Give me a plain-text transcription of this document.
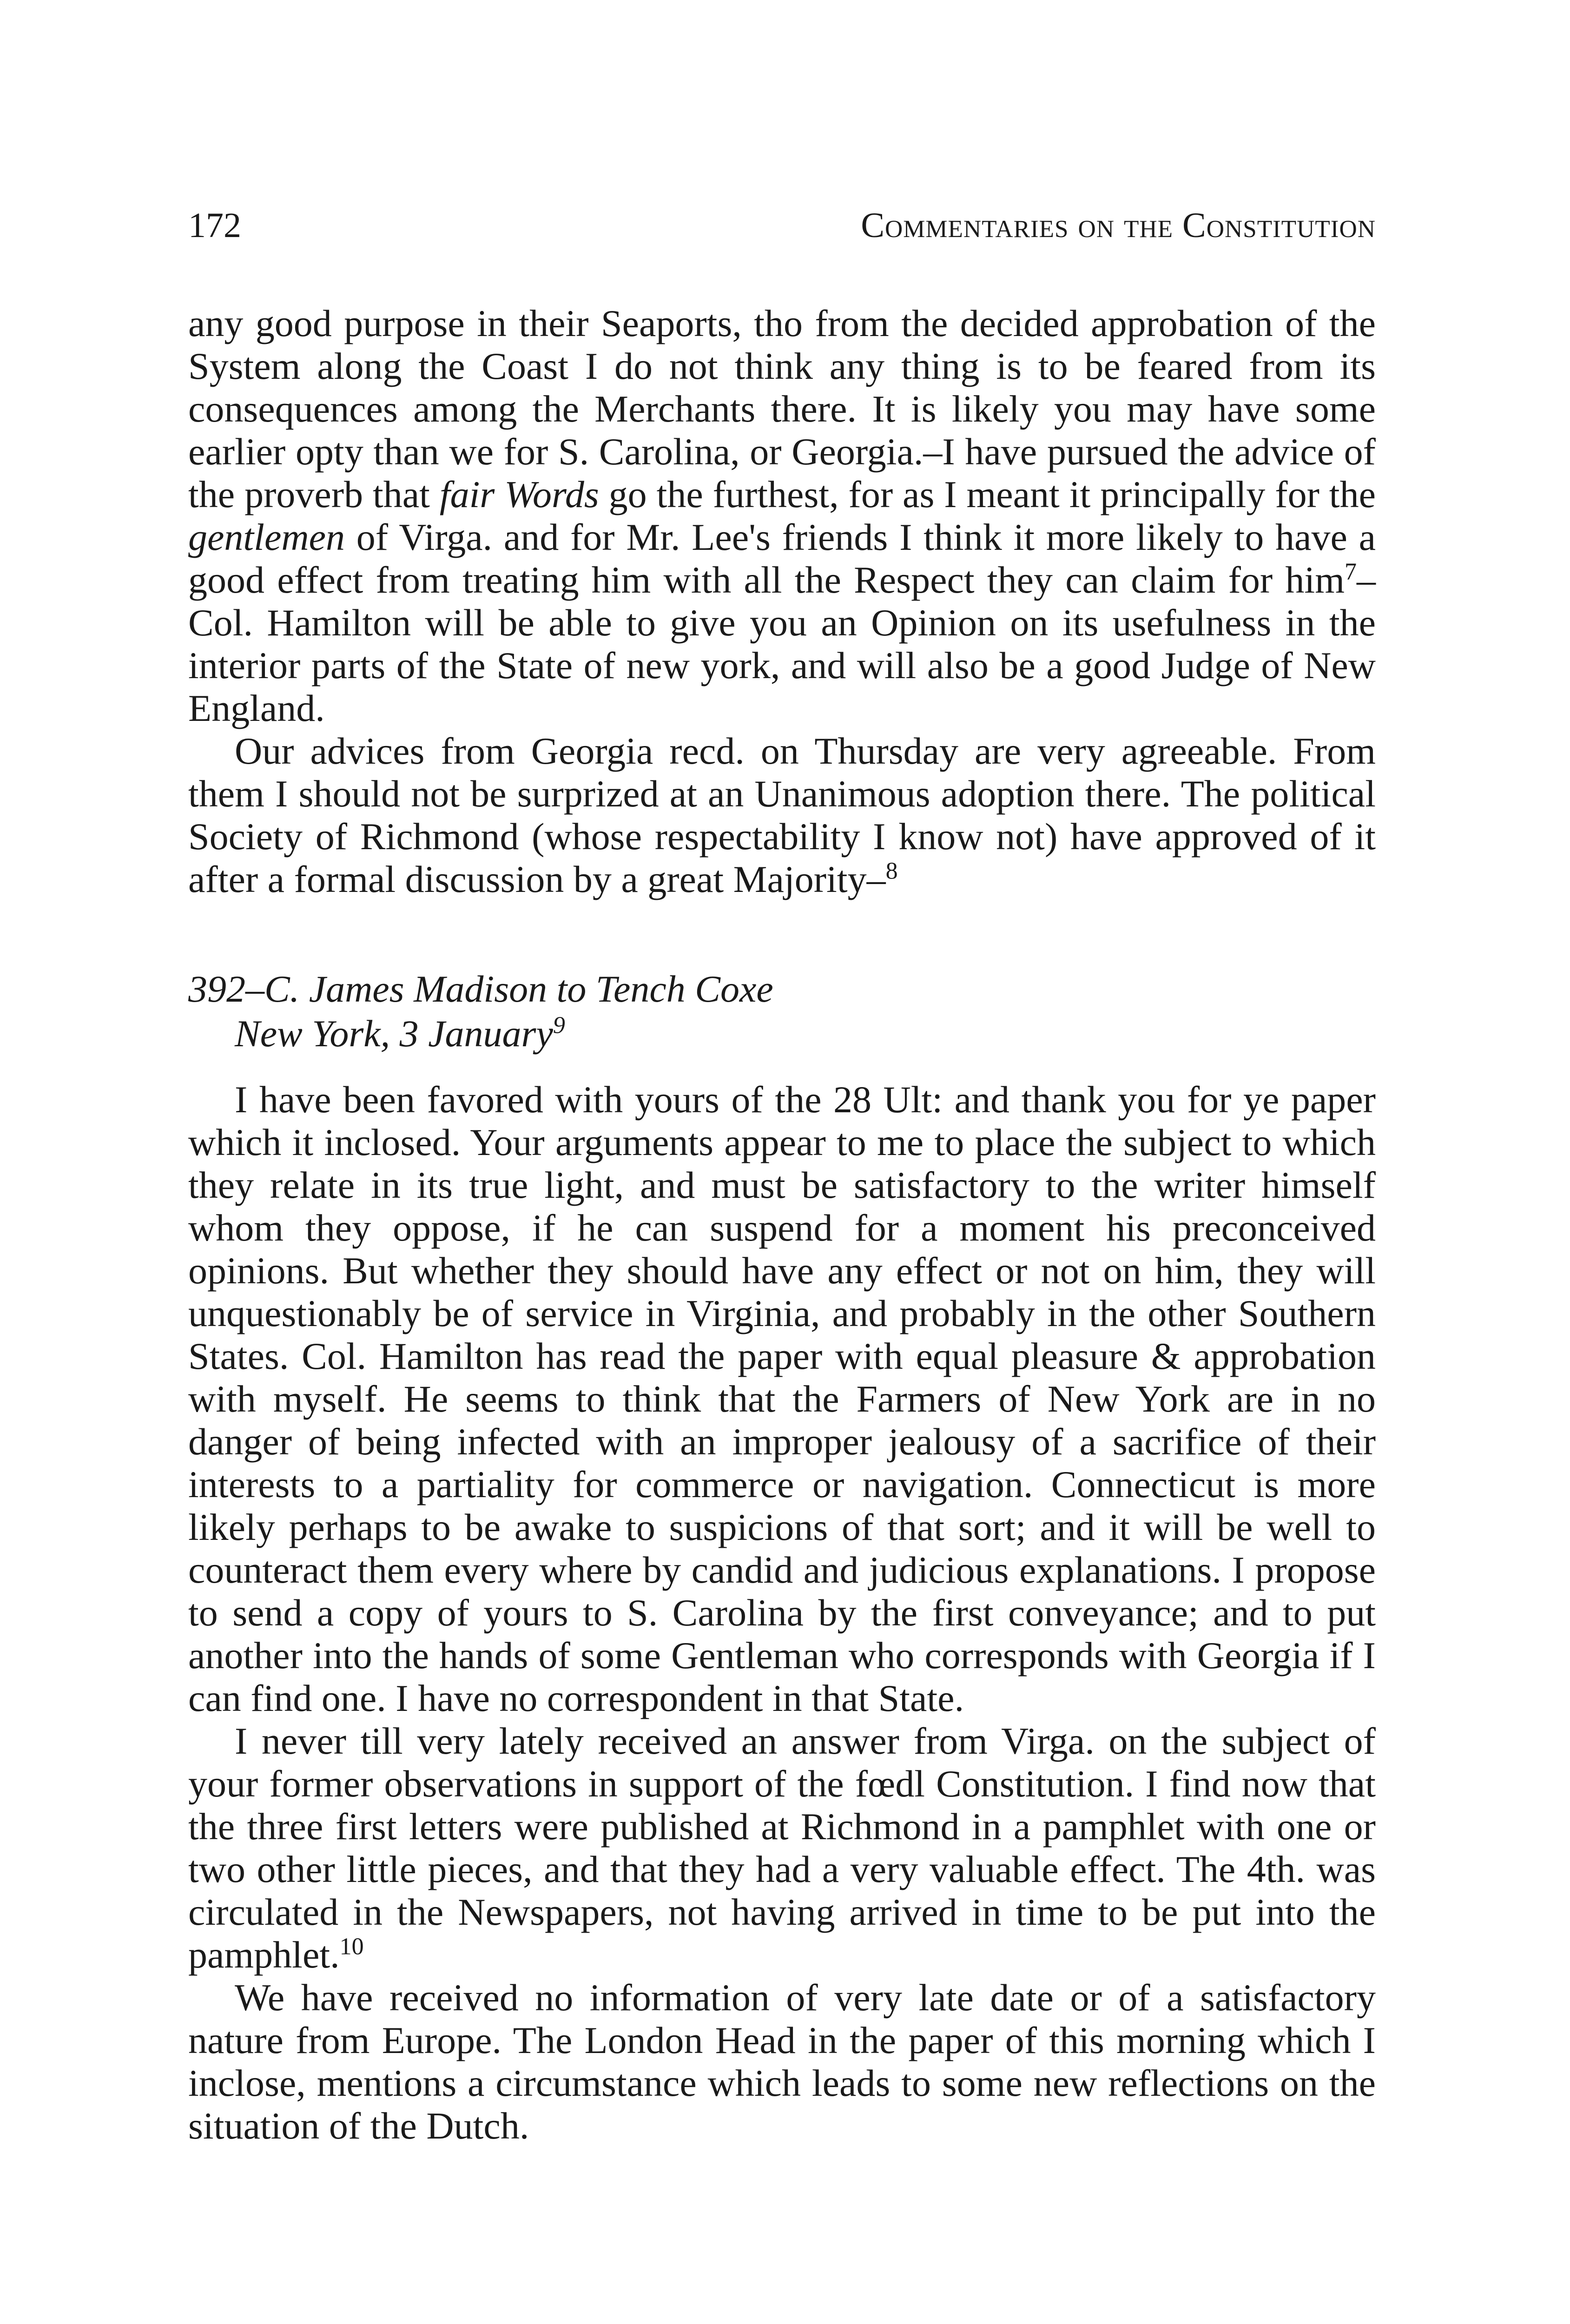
172	Commentaries on the Constitution

any good purpose in their Seaports, tho from the decided approbation of the System along the Coast I do not think any thing is to be feared from its consequences among the Merchants there. It is likely you may have some earlier opty than we for S. Carolina, or Georgia.–I have pursued the advice of the proverb that fair Words go the furthest, for as I meant it principally for the gentlemen of Virga. and for Mr. Lee's friends I think it more likely to have a good effect from treating him with all the Respect they can claim for him$^7$–Col. Hamilton will be able to give you an Opinion on its usefulness in the interior parts of the State of new york, and will also be a good Judge of New England.

Our advices from Georgia recd. on Thursday are very agreeable. From them I should not be surprized at an Unanimous adoption there. The political Society of Richmond (whose respectability I know not) have approved of it after a formal discussion by a great Majority–$^8$

392–C. James Madison to Tench Coxe
New York, 3 January$^9$

I have been favored with yours of the 28 Ult: and thank you for ye paper which it inclosed. Your arguments appear to me to place the subject to which they relate in its true light, and must be satisfactory to the writer himself whom they oppose, if he can suspend for a moment his preconceived opinions. But whether they should have any effect or not on him, they will unquestionably be of service in Virginia, and probably in the other Southern States. Col. Hamilton has read the paper with equal pleasure & approbation with myself. He seems to think that the Farmers of New York are in no danger of being infected with an improper jealousy of a sacrifice of their interests to a partiality for commerce or navigation. Connecticut is more likely perhaps to be awake to suspicions of that sort; and it will be well to counteract them every where by candid and judicious explanations. I propose to send a copy of yours to S. Carolina by the first conveyance; and to put another into the hands of some Gentleman who corresponds with Georgia if I can find one. I have no correspondent in that State.

I never till very lately received an answer from Virga. on the subject of your former observations in support of the fœdl Constitution. I find now that the three first letters were published at Richmond in a pamphlet with one or two other little pieces, and that they had a very valuable effect. The 4th. was circulated in the Newspapers, not having arrived in time to be put into the pamphlet.$^{10}$

We have received no information of very late date or of a satisfactory nature from Europe. The London Head in the paper of this morning which I inclose, mentions a circumstance which leads to some new reflections on the situation of the Dutch.
